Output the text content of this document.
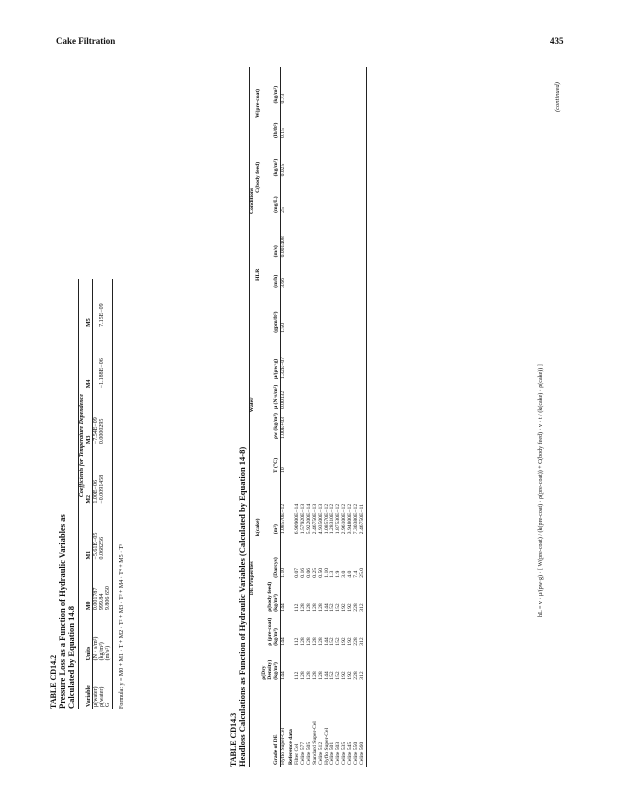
Cake Filtration	435
TABLE CD14.2 Pressure Loss as a Function of Hydraulic Variables as Calculated by Equation 14.8
		Coefficients for Temperature Dependence					
Variable	Units	M0	M1	M2	M3	M4	M5
μ(water)	(N · s/m²)	0.001787	−5.61E−05	1.00E−06	−7.54E−09		
ρ(water)	(kg/m³)	999.84	0.068256	−0.0091458	0.0000295	−1.188E−06	7.15E−09
G	(m/s²)	9.806 650					Formula: y = M0 + M1 · T + M2 · T² + M3 · T³ + M4 · T⁴ + M5 · T⁵
TABLE CD14.3 Headloss Calculations as Function of Hydraulic Variables (Calculated by Equation 14-8)
	DE Properties					Water				Conditions						
				k(cake)						HLR			C(body feed)		W(pre-coat)	
Grade of DE	ρ(Dry Density) (kg/m³)	ρ (pre-coat) (kg/m³)	ρ(body feed) (kg/m³)	(Darcys)	(m²)	T (°C)	ρw (kg/m³)	μ (N·s/m²)	μ/(ρw·g)	(gpm/ft²)	(m/h)	(m/s)	(mg/L)	(kg/m³)	(lb/ft²)	(kg/m²)
Hyflo Super-Cel	144	144	144	1.10	1.08570E−12	10	1.00E+03	0.00132	1.32E−07	1.50	3.66	0.001408	25	0.025	0.15	0.73
Reference data																
Filter Cel	112	112	112	0.07	6.90900E−14											
Celite 577	128	128	128	0.16	1.57920E−13											
Celite 505	128	128	128	0.06	5.92200E−14											
Standard Super-Cel	128	128	128	0.25	2.46750E−13											
Celite 512	128	128	128	0.50	4.93500E−13											
Hyflo Super-Cel	144	144	144	1.10	1.08570E−12											
Celite 501	152	152	152	1.3	1.28310E−12											
Celite 503	152	152	152	1.9	1.87530E−12											
Celite 535	192	192	192	3.0	2.96100E−12											
Celite 545	192	192	192	4.0	3.94800E−12											
Celite 550	228	228	228	7.4	7.30380E−12											
Celite 560	312	312	312	25.0	2.46750E−11												hL = v · μ/(ρw·g) · [ W(pre-coat) / (k(pre-coat) · ρ(pre-coat)) + C(body feed) · v · t / (k(cake) · ρ(cake)) ]
(continued)
